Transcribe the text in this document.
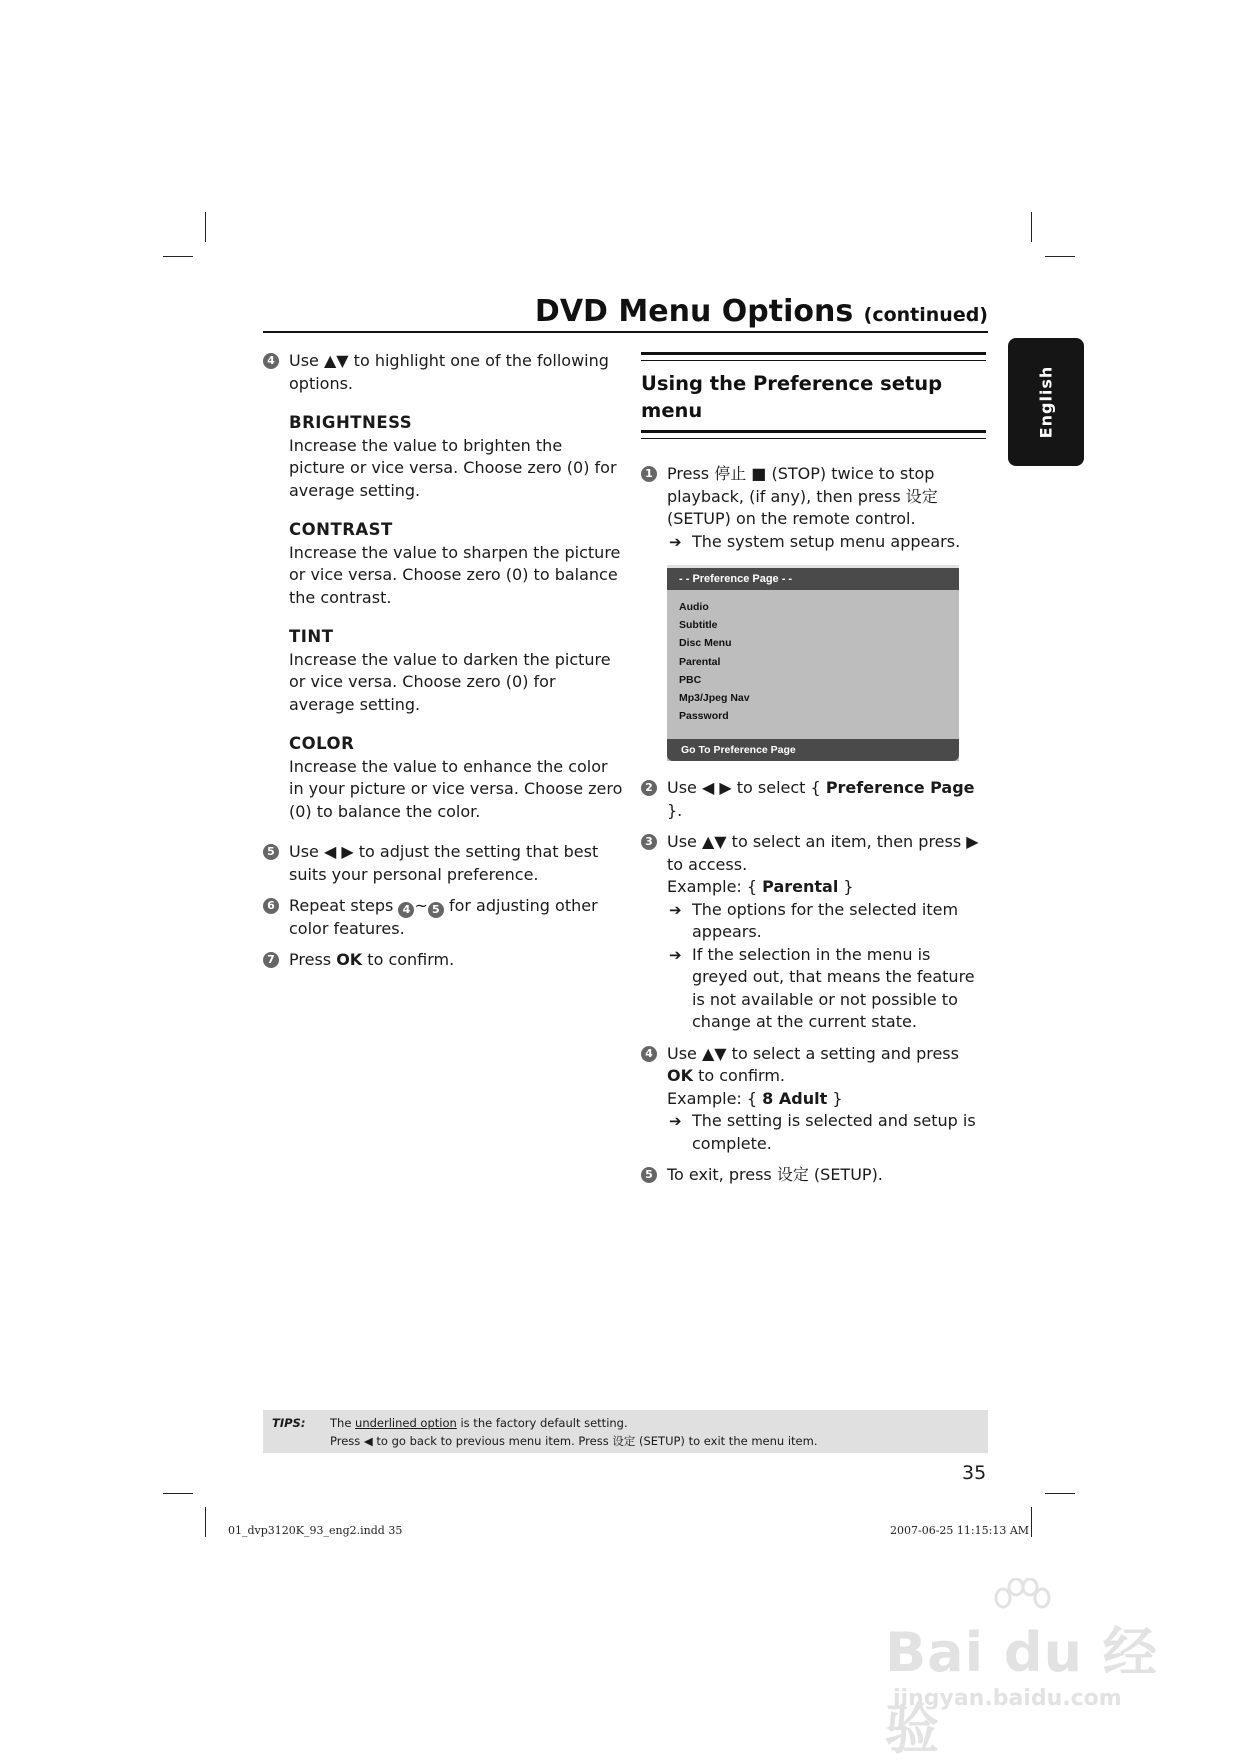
DVD Menu Options (continued)
English
4 Use ▲▼ to highlight one of the following options.
BRIGHTNESS

Increase the value to brighten the picture or vice versa. Choose zero (0) for average setting.

CONTRAST

Increase the value to sharpen the picture or vice versa. Choose zero (0) to balance the contrast.

TINT

Increase the value to darken the picture or vice versa. Choose zero (0) for average setting.

COLOR

Increase the value to enhance the color in your picture or vice versa. Choose zero (0) to balance the color.

5 Use ◀ ▶ to adjust the setting that best suits your personal preference.
6 Repeat steps 4 ~ 5 for adjusting other color features.
7 Press OK to confirm.
Using the Preference setup menu
1 Press 停止 ■ (STOP) twice to stop playback, (if any), then press 设定 (SETUP) on the remote control.
➔ The system setup menu appears.
- - Preference Page - -
Audio
Subtitle
Disc Menu
Parental
PBC
Mp3/Jpeg Nav
Password
Go To Preference Page
2 Use ◀ ▶ to select { Preference Page }.
3 Use ▲▼ to select an item, then press ▶ to access.
Example: { Parental }
➔ The options for the selected item appears.
➔ If the selection in the menu is greyed out, that means the feature is not available or not possible to change at the current state.
4 Use ▲▼ to select a setting and press OK to confirm.
Example: { 8 Adult }
➔ The setting is selected and setup is complete.
5 To exit, press 设定 (SETUP).
TIPS: The underlined option is the factory default setting.
Press ◀ to go back to previous menu item. Press 设定 (SETUP) to exit the menu item.
35
01_dvp3120K_93_eng2.indd 35	2007-06-25 11:15:13 AM
Bai du 经验
jingyan.baidu.com
